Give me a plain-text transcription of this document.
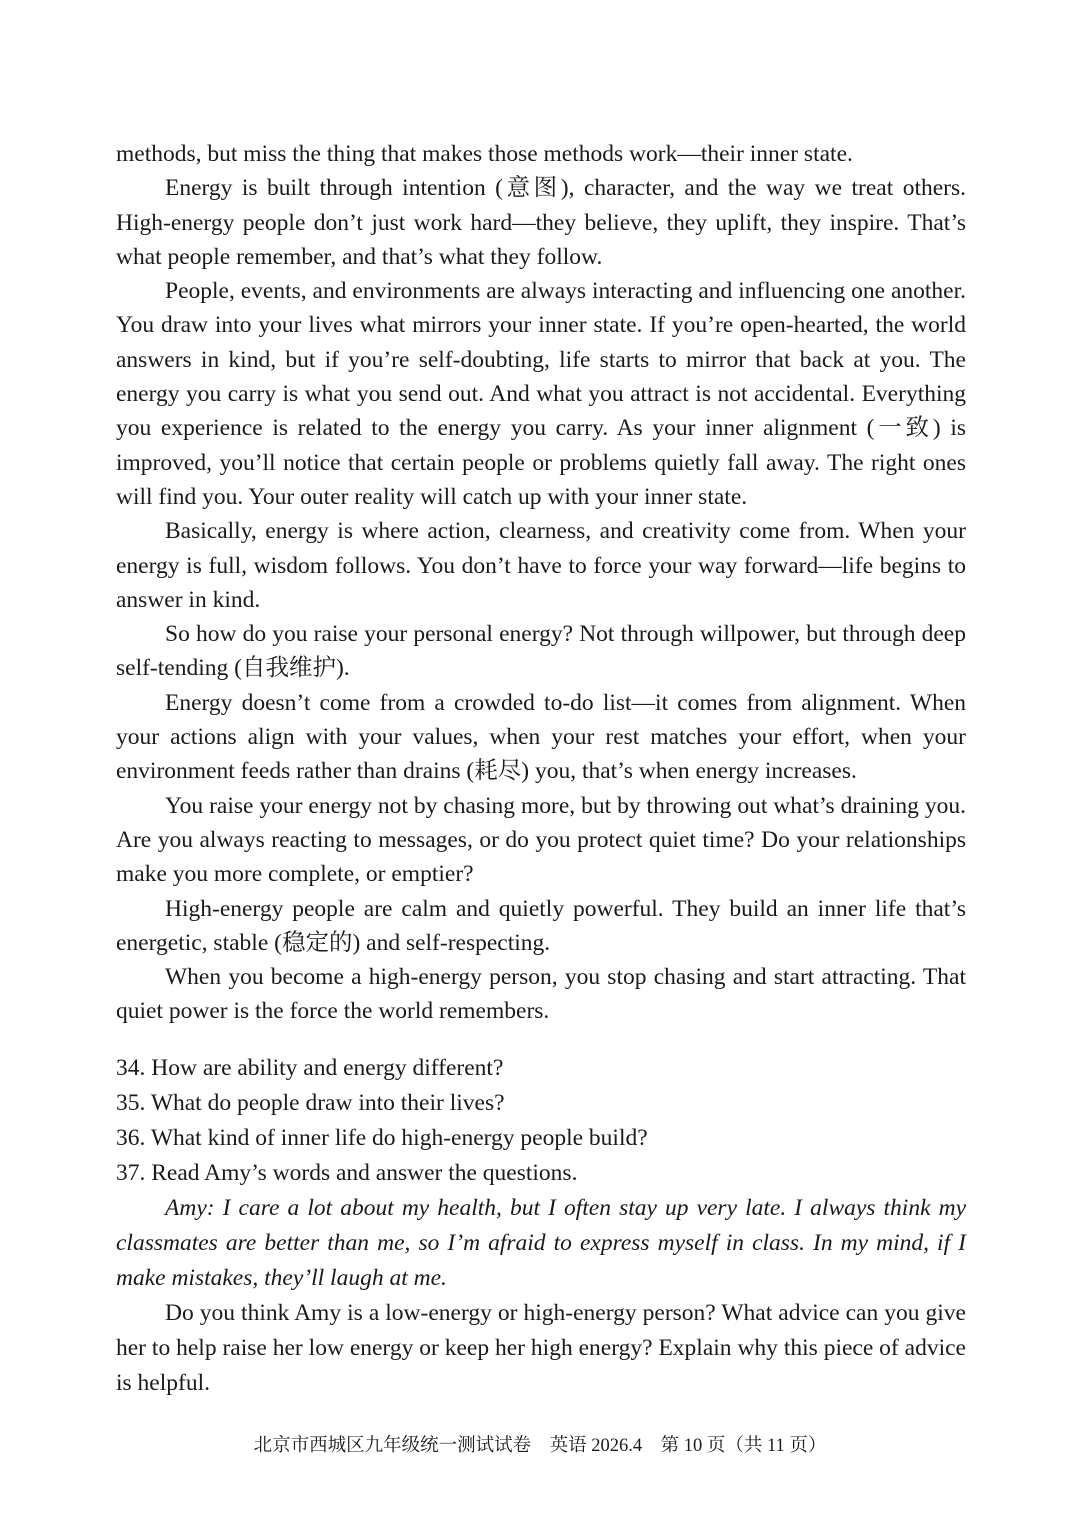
methods, but miss the thing that makes those methods work—their inner state.

Energy is built through intention (意图), character, and the way we treat others. High-energy people don’t just work hard—they believe, they uplift, they inspire. That’s what people remember, and that’s what they follow.

People, events, and environments are always interacting and influencing one another. You draw into your lives what mirrors your inner state. If you’re open-hearted, the world answers in kind, but if you’re self-doubting, life starts to mirror that back at you. The energy you carry is what you send out. And what you attract is not accidental. Everything you experience is related to the energy you carry. As your inner alignment (一致) is improved, you’ll notice that certain people or problems quietly fall away. The right ones will find you. Your outer reality will catch up with your inner state.

Basically, energy is where action, clearness, and creativity come from. When your energy is full, wisdom follows. You don’t have to force your way forward—life begins to answer in kind.

So how do you raise your personal energy? Not through willpower, but through deep self-tending (自我维护).

Energy doesn’t come from a crowded to-do list—it comes from alignment. When your actions align with your values, when your rest matches your effort, when your environment feeds rather than drains (耗尽) you, that’s when energy increases.

You raise your energy not by chasing more, but by throwing out what’s draining you. Are you always reacting to messages, or do you protect quiet time? Do your relationships make you more complete, or emptier?

High-energy people are calm and quietly powerful. They build an inner life that’s energetic, stable (稳定的) and self-respecting.

When you become a high-energy person, you stop chasing and start attracting. That quiet power is the force the world remembers.

34. How are ability and energy different?

35. What do people draw into their lives?

36. What kind of inner life do high-energy people build?

37. Read Amy’s words and answer the questions.

Amy: I care a lot about my health, but I often stay up very late. I always think my classmates are better than me, so I’m afraid to express myself in class. In my mind, if I make mistakes, they’ll laugh at me.

Do you think Amy is a low-energy or high-energy person? What advice can you give her to help raise her low energy or keep her high energy? Explain why this piece of advice is helpful.

北京市西城区九年级统一测试试卷    英语 2026.4    第 10 页（共 11 页）
